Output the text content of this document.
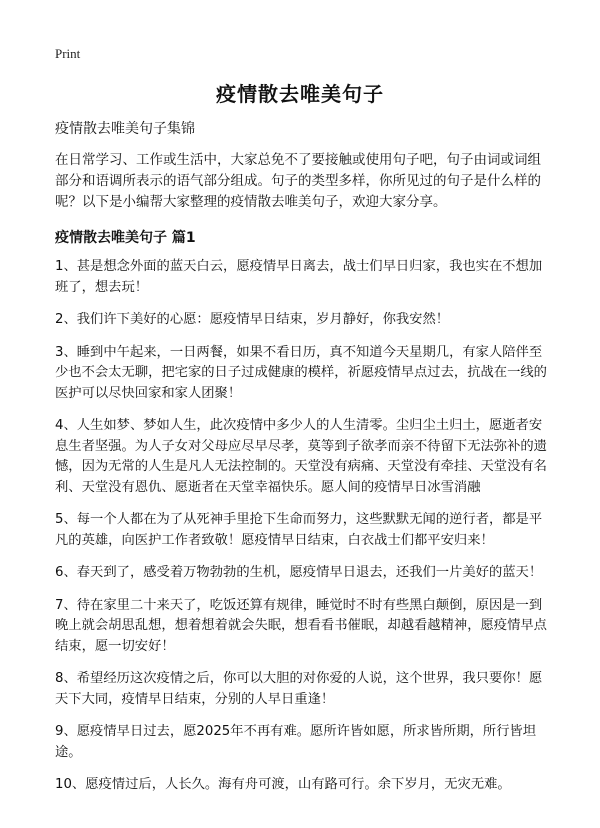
Print
疫情散去唯美句子

疫情散去唯美句子集锦

在日常学习、工作或生活中，大家总免不了要接触或使用句子吧，句子由词或词组部分和语调所表示的语气部分组成。句子的类型多样，你所见过的句子是什么样的呢？以下是小编帮大家整理的疫情散去唯美句子，欢迎大家分享。

疫情散去唯美句子 篇1

1、甚是想念外面的蓝天白云，愿疫情早日离去，战士们早日归家，我也实在不想加班了，想去玩！
2、我们许下美好的心愿：愿疫情早日结束，岁月静好，你我安然！
3、睡到中午起来，一日两餐，如果不看日历，真不知道今天星期几，有家人陪伴至少也不会太无聊，把宅家的日子过成健康的模样，祈愿疫情早点过去，抗战在一线的医护可以尽快回家和家人团聚！
4、人生如梦、梦如人生，此次疫情中多少人的人生清零。尘归尘土归土，愿逝者安息生者坚强。为人子女对父母应尽早尽孝，莫等到子欲孝而亲不待留下无法弥补的遗憾，因为无常的人生是凡人无法控制的。天堂没有病痛、天堂没有牵挂、天堂没有名利、天堂没有恩仇、愿逝者在天堂幸福快乐。愿人间的疫情早日冰雪消融
5、每一个人都在为了从死神手里抢下生命而努力，这些默默无闻的逆行者，都是平凡的英雄，向医护工作者致敬！愿疫情早日结束，白衣战士们都平安归来！
6、春天到了，感受着万物勃勃的生机，愿疫情早日退去，还我们一片美好的蓝天！
7、待在家里二十来天了，吃饭还算有规律，睡觉时不时有些黑白颠倒，原因是一到晚上就会胡思乱想，想着想着就会失眠，想看看书催眠，却越看越精神，愿疫情早点结束，愿一切安好！
8、希望经历这次疫情之后，你可以大胆的对你爱的人说，这个世界，我只要你！愿天下大同，疫情早日结束，分别的人早日重逢！
9、愿疫情早日过去，愿2025年不再有难。愿所许皆如愿，所求皆所期，所行皆坦途。
10、愿疫情过后，人长久。海有舟可渡，山有路可行。余下岁月，无灾无难。
